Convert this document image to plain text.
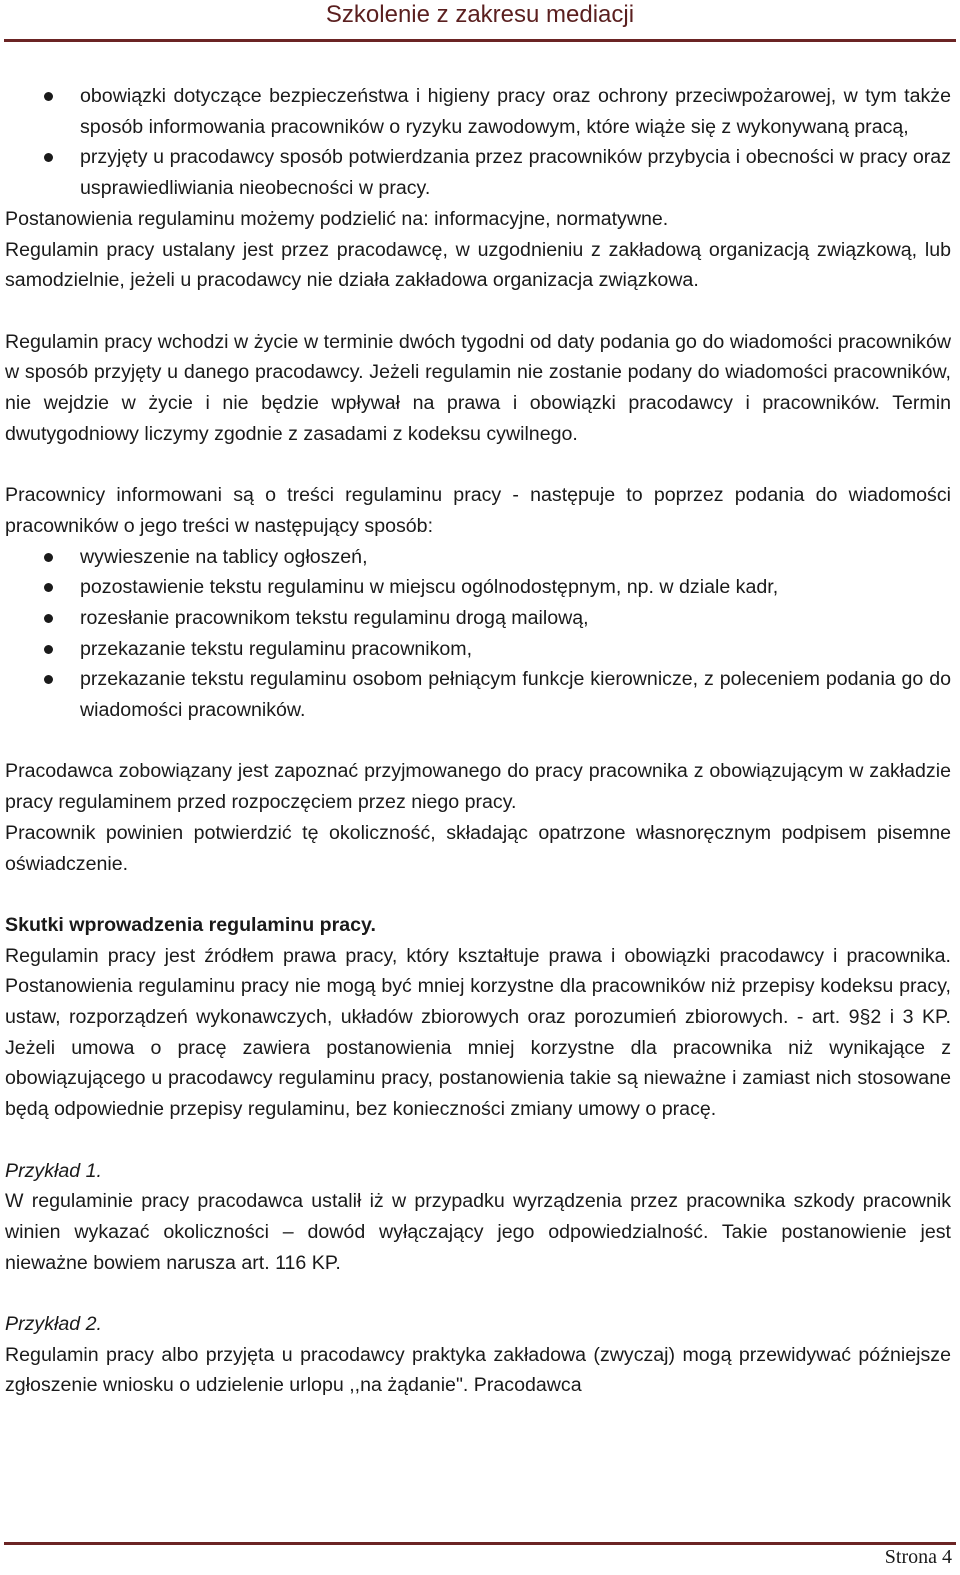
Szkolenie z zakresu mediacji
obowiązki dotyczące bezpieczeństwa i higieny pracy oraz ochrony przeciwpożarowej, w tym także sposób informowania pracowników o ryzyku zawodowym, które wiąże się z wykonywaną pracą,
przyjęty u pracodawcy sposób potwierdzania przez pracowników przybycia i obecności w pracy oraz usprawiedliwiania nieobecności w pracy.

Postanowienia regulaminu możemy podzielić na: informacyjne, normatywne.

Regulamin pracy ustalany jest przez pracodawcę, w uzgodnieniu z zakładową organizacją związkową, lub samodzielnie, jeżeli u pracodawcy nie działa zakładowa organizacja związkowa.

Regulamin pracy wchodzi w życie w terminie dwóch tygodni od daty podania go do wiadomości pracowników w sposób przyjęty u danego pracodawcy. Jeżeli regulamin nie zostanie podany do wiadomości pracowników, nie wejdzie w życie i nie będzie wpływał na prawa i obowiązki pracodawcy i pracowników. Termin dwutygodniowy liczymy zgodnie z zasadami z kodeksu cywilnego.

Pracownicy informowani są o treści regulaminu pracy - następuje to poprzez podania do wiadomości pracowników o jego treści w następujący sposób:

wywieszenie na tablicy ogłoszeń,
pozostawienie tekstu regulaminu w miejscu ogólnodostępnym, np. w dziale kadr,
rozesłanie pracownikom tekstu regulaminu drogą mailową,
przekazanie tekstu regulaminu pracownikom,
przekazanie tekstu regulaminu osobom pełniącym funkcje kierownicze, z poleceniem podania go do wiadomości pracowników.

Pracodawca zobowiązany jest zapoznać przyjmowanego do pracy pracownika z obowiązującym w zakładzie pracy regulaminem przed rozpoczęciem przez niego pracy.

Pracownik powinien potwierdzić tę okoliczność, składając opatrzone własnoręcznym podpisem pisemne oświadczenie.

Skutki wprowadzenia regulaminu pracy.

Regulamin pracy jest źródłem prawa pracy, który kształtuje prawa i obowiązki pracodawcy i pracownika. Postanowienia regulaminu pracy nie mogą być mniej korzystne dla pracowników niż przepisy kodeksu pracy, ustaw, rozporządzeń wykonawczych, układów zbiorowych oraz porozumień zbiorowych. - art. 9§2 i 3 KP. Jeżeli umowa o pracę zawiera postanowienia mniej korzystne dla pracownika niż wynikające z obowiązującego u pracodawcy regulaminu pracy, postanowienia takie są nieważne i zamiast nich stosowane będą odpowiednie przepisy regulaminu, bez konieczności zmiany umowy o pracę.

Przykład 1.

W regulaminie pracy pracodawca ustalił iż w przypadku wyrządzenia przez pracownika szkody pracownik winien wykazać okoliczności – dowód wyłączający jego odpowiedzialność. Takie postanowienie jest nieważne bowiem narusza art. 116 KP.

Przykład 2.

Regulamin pracy albo przyjęta u pracodawcy praktyka zakładowa (zwyczaj) mogą przewidywać późniejsze zgłoszenie wniosku o udzielenie urlopu ,,na żądanie". Pracodawca

Strona 4
